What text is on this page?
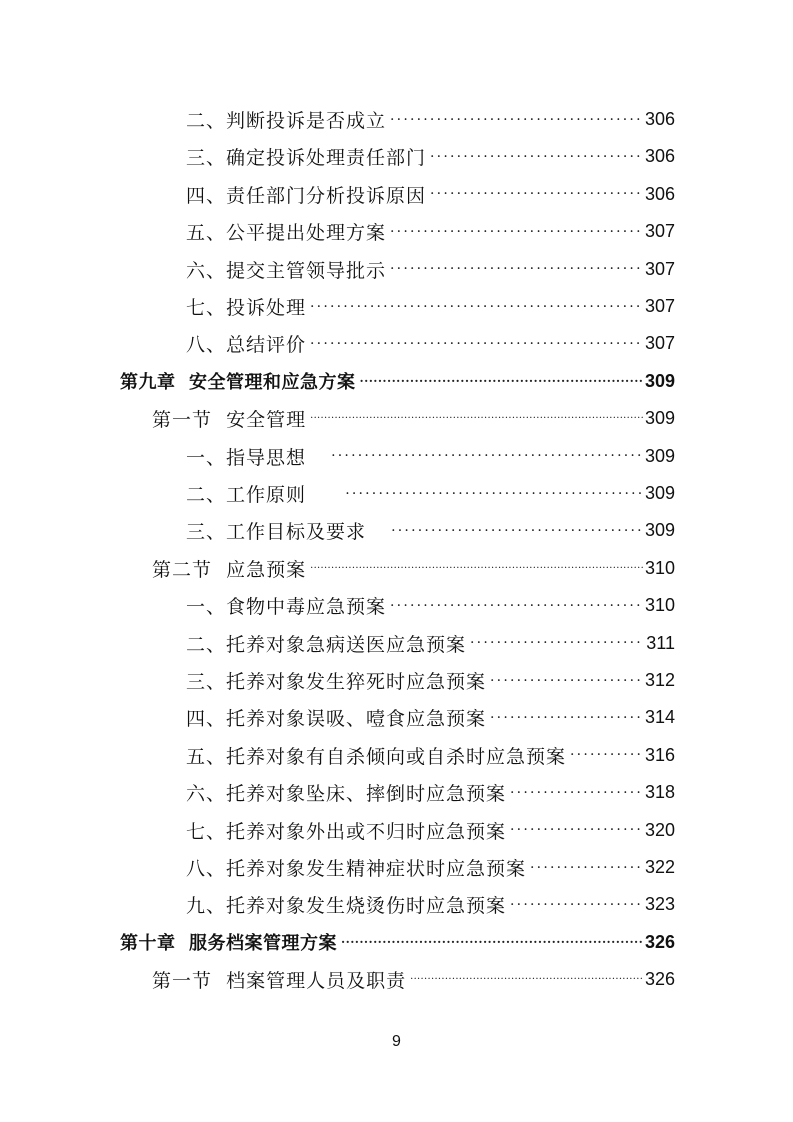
二、判断投诉是否成立 ·····	306
三、确定投诉处理责任部门 ·····	306
四、责任部门分析投诉原因 ·····	306
五、公平提出处理方案 ·····	307
六、提交主管领导批示 ·····	307
七、投诉处理 ·····	307
八、总结评价 ·····	307
第九章  安全管理和应急方案 ·····	309
第一节  安全管理 ·····	309
一、指导思想 ·····	309
二、工作原则 ·····	309
三、工作目标及要求 ·····	309
第二节  应急预案 ·····	310
一、食物中毒应急预案 ·····	310
二、托养对象急病送医应急预案 ·····	311
三、托养对象发生猝死时应急预案 ·····	312
四、托养对象误吸、噎食应急预案 ·····	314
五、托养对象有自杀倾向或自杀时应急预案 ·····	316
六、托养对象坠床、摔倒时应急预案 ·····	318
七、托养对象外出或不归时应急预案 ·····	320
八、托养对象发生精神症状时应急预案 ·····	322
九、托养对象发生烧烫伤时应急预案 ·····	323
第十章  服务档案管理方案 ·····	326
第一节  档案管理人员及职责 ·····	326
9
